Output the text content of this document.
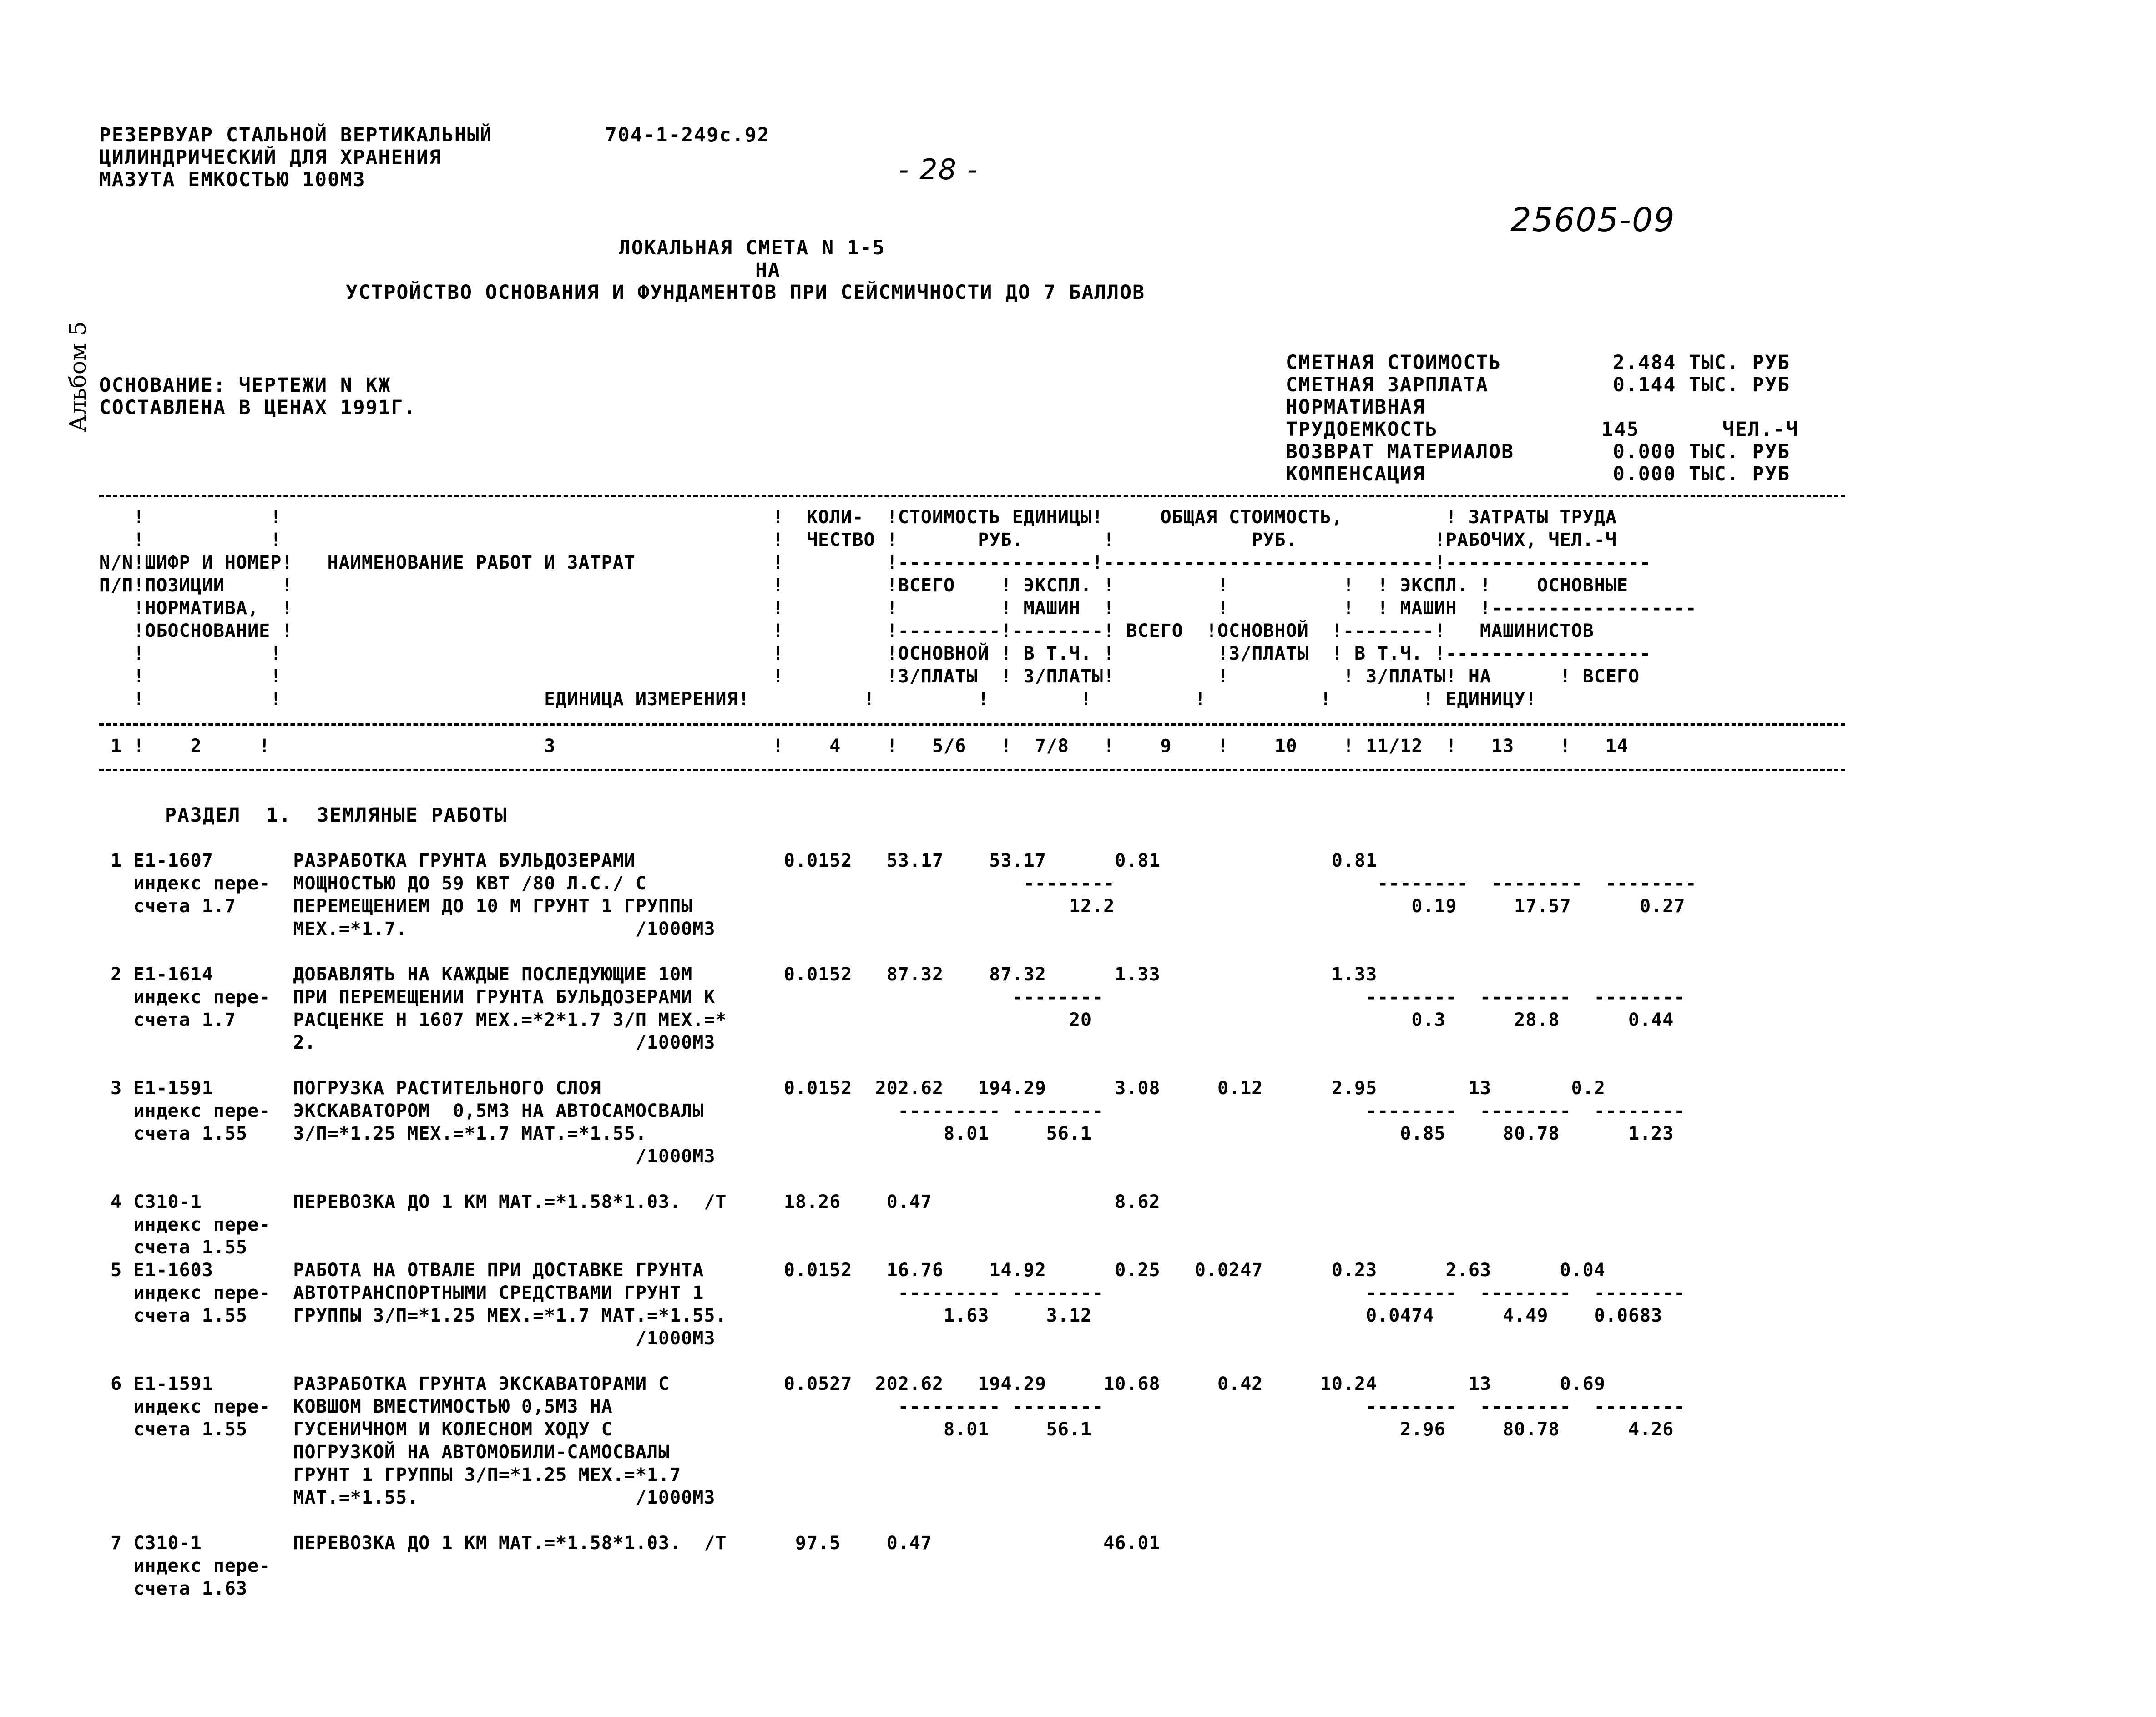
РЕЗЕРВУАР СТАЛЬНОЙ ВЕРТИКАЛЬНЫЙ
ЦИЛИНДРИЧЕСКИЙ ДЛЯ ХРАНЕНИЯ
МАЗУТА ЕМКОСТЬЮ 100М3
704-1-249с.92
- 28 -
25605-09
Альбом 5
ЛОКАЛЬНАЯ СМЕТА N 1-5
НА
УСТРОЙСТВО ОСНОВАНИЯ И ФУНДАМЕНТОВ ПРИ СЕЙСМИЧНОСТИ ДО 7 БАЛЛОВ
ОСНОВАНИЕ: ЧЕРТЕЖИ N КЖ
СОСТАВЛЕНА В ЦЕНАХ 1991Г.
СМЕТНАЯ СТОИМОСТЬ	2.484 ТЫС. РУБ
СМЕТНАЯ ЗАРПЛАТА	0.144 ТЫС. РУБ
НОРМАТИВНАЯ
ТРУДОЕМКОСТЬ	145	ЧЕЛ.-Ч
ВОЗВРАТ МАТЕРИАЛОВ	0.000 ТЫС. РУБ
КОМПЕНСАЦИЯ	0.000 ТЫС. РУБ
!           !                                           !  КОЛИ-  !СТОИМОСТЬ ЕДИНИЦЫ!     ОБЩАЯ СТОИМОСТЬ,         ! ЗАТРАТЫ ТРУДА
!           !                                           !  ЧЕСТВО !       РУБ.       !            РУБ.            !РАБОЧИХ, ЧЕЛ.-Ч
N/N!ШИФР И НОМЕР!   НАИМЕНОВАНИЕ РАБОТ И ЗАТРАТ            !         !-----------------!-----------------------------!------------------
П/П!ПОЗИЦИИ     !                                          !         !ВСЕГО    ! ЭКСПЛ. !         !          !  ! ЭКСПЛ. !    ОСНОВНЫЕ
!НОРМАТИВА,  !                                          !         !         ! МАШИН  !         !          !  ! МАШИН  !------------------
!ОБОСНОВАНИЕ !                                          !         !---------!--------! ВСЕГО  !ОСНОВНОЙ  !--------!   МАШИНИСТОВ
!           !                                           !         !ОСНОВНОЙ ! В Т.Ч. !         !З/ПЛАТЫ  ! В Т.Ч. !------------------
!           !                                           !         !З/ПЛАТЫ  ! З/ПЛАТЫ!         !          ! З/ПЛАТЫ! НА      ! ВСЕГО
!           !                       ЕДИНИЦА ИЗМЕРЕНИЯ!          !         !        !         !          !        ! ЕДИНИЦУ!
1 !    2     !                        3                   !    4    !   5/6   !  7/8   !    9    !    10    ! 11/12  !   13    !   14
РАЗДЕЛ  1.  ЗЕМЛЯНЫЕ РАБОТЫ
1 Е1-1607       РАЗРАБОТКА ГРУНТА БУЛЬДОЗЕРАМИ             0.0152   53.17    53.17      0.81               0.81
индекс пере-  МОЩНОСТЬЮ ДО 59 КВТ /80 Л.С./ С                                 --------                       --------  --------  --------
счета 1.7     ПЕРЕМЕЩЕНИЕМ ДО 10 М ГРУНТ 1 ГРУППЫ                                 12.2                          0.19     17.57      0.27
МЕХ.=*1.7.                    /1000М3
2 Е1-1614       ДОБАВЛЯТЬ НА КАЖДЫЕ ПОСЛЕДУЮЩИЕ 10М        0.0152   87.32    87.32      1.33               1.33
индекс пере-  ПРИ ПЕРЕМЕЩЕНИИ ГРУНТА БУЛЬДОЗЕРАМИ К                          --------                       --------  --------  --------
счета 1.7     РАСЦЕНКЕ Н 1607 МЕХ.=*2*1.7 З/П МЕХ.=*                              20                            0.3      28.8      0.44
2.                            /1000М3
3 Е1-1591       ПОГРУЗКА РАСТИТЕЛЬНОГО СЛОЯ                0.0152  202.62   194.29      3.08     0.12      2.95        13       0.2
индекс пере-  ЭКСКАВАТОРОМ  0,5М3 НА АВТОСАМОСВАЛЫ                 --------- --------                       --------  --------  --------
счета 1.55    З/П=*1.25 МЕХ.=*1.7 МАТ.=*1.55.                          8.01     56.1                           0.85     80.78      1.23
/1000М3
4 С310-1        ПЕРЕВОЗКА ДО 1 КМ МАТ.=*1.58*1.03.  /Т     18.26    0.47                8.62
индекс пере-
счета 1.55
5 Е1-1603       РАБОТА НА ОТВАЛЕ ПРИ ДОСТАВКЕ ГРУНТА       0.0152   16.76    14.92      0.25   0.0247      0.23      2.63      0.04
индекс пере-  АВТОТРАНСПОРТНЫМИ СРЕДСТВАМИ ГРУНТ 1                 --------- --------                       --------  --------  --------
счета 1.55    ГРУППЫ З/П=*1.25 МЕХ.=*1.7 МАТ.=*1.55.                   1.63     3.12                        0.0474      4.49    0.0683
/1000М3
6 Е1-1591       РАЗРАБОТКА ГРУНТА ЭКСКАВАТОРАМИ С          0.0527  202.62   194.29     10.68     0.42     10.24        13      0.69
индекс пере-  КОВШОМ ВМЕСТИМОСТЬЮ 0,5М3 НА                         --------- --------                       --------  --------  --------
счета 1.55    ГУСЕНИЧНОМ И КОЛЕСНОМ ХОДУ С                             8.01     56.1                           2.96     80.78      4.26
ПОГРУЗКОЙ НА АВТОМОБИЛИ-САМОСВАЛЫ
ГРУНТ 1 ГРУППЫ З/П=*1.25 МЕХ.=*1.7
МАТ.=*1.55.                   /1000М3
7 С310-1        ПЕРЕВОЗКА ДО 1 КМ МАТ.=*1.58*1.03.  /Т      97.5    0.47               46.01
индекс пере-
счета 1.63
